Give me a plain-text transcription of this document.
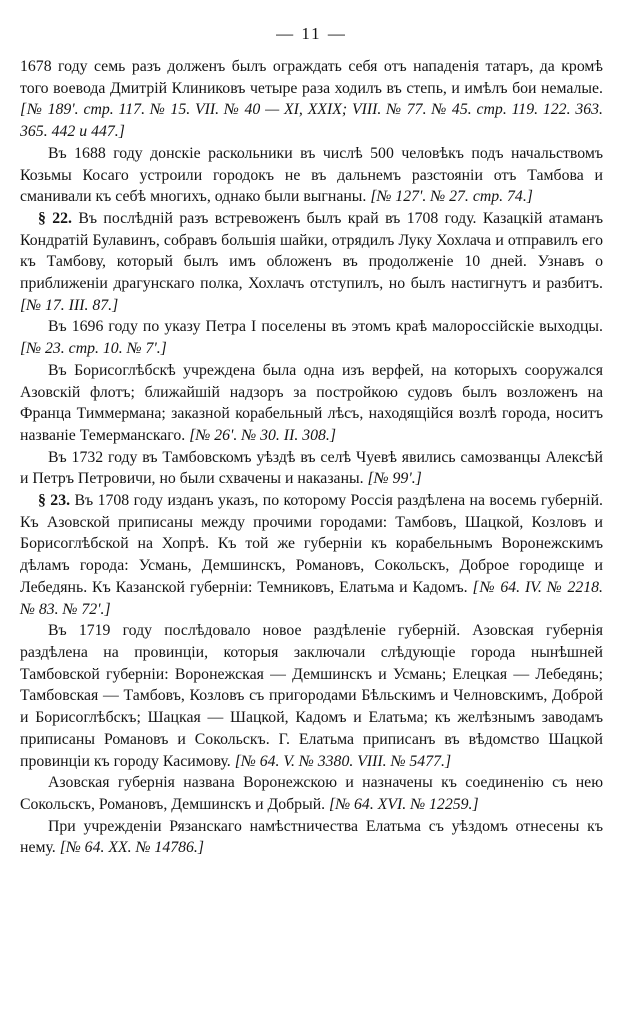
— 11 —

1678 году семь разъ долженъ былъ ограждать себя отъ нападенія татаръ, да кромѣ того воевода Дмитрій Клиниковъ четыре раза ходилъ въ степь, и имѣлъ бои немалые. [№ 189'. стр. 117. № 15. VII. № 40 — XI, XXIX; VIII. № 77. № 45. стр. 119. 122. 363. 365. 442 и 447.]

Въ 1688 году донскіе раскольники въ числѣ 500 человѣкъ подъ начальствомъ Козьмы Косаго устроили городокъ не въ дальнемъ разстояніи отъ Тамбова и сманивали къ себѣ многихъ, однако были выгнаны. [№ 127'. № 27. стр. 74.]

§ 22. Въ послѣдній разъ встревоженъ былъ край въ 1708 году. Казацкій атаманъ Кондратій Булавинъ, собравъ большія шайки, отрядилъ Луку Хохлача и отправилъ его къ Тамбову, который былъ имъ обложенъ въ продолженіе 10 дней. Узнавъ о приближеніи драгунскаго полка, Хохлачъ отступилъ, но былъ настигнутъ и разбитъ. [№ 17. III. 87.]

Въ 1696 году по указу Петра I поселены въ этомъ краѣ малороссійскіе выходцы. [№ 23. стр. 10. № 7'.]

Въ Борисоглѣбскѣ учреждена была одна изъ верфей, на которыхъ сооружался Азовскій флотъ; ближайшій надзоръ за постройкою судовъ былъ возложенъ на Франца Тиммермана; заказной корабельный лѣсъ, находящійся возлѣ города, носитъ названіе Темерманскаго. [№ 26'. № 30. II. 308.]

Въ 1732 году въ Тамбовскомъ уѣздѣ въ селѣ Чуевѣ явились самозванцы Алексѣй и Петръ Петровичи, но были схвачены и наказаны. [№ 99'.]

§ 23. Въ 1708 году изданъ указъ, по которому Россія раздѣлена на восемь губерній. Къ Азовской приписаны между прочими городами: Тамбовъ, Шацкой, Козловъ и Борисоглѣбской на Хопрѣ. Къ той же губерніи къ корабельнымъ Воронежскимъ дѣламъ города: Усмань, Демшинскъ, Романовъ, Сокольскъ, Доброе городище и Лебедянь. Къ Казанской губерніи: Темниковъ, Елатьма и Кадомъ. [№ 64. IV. № 2218. № 83. № 72'.]

Въ 1719 году послѣдовало новое раздѣленіе губерній. Азовская губернія раздѣлена на провинціи, которыя заключали слѣдующіе города нынѣшней Тамбовской губерніи: Воронежская — Демшинскъ и Усмань; Елецкая — Лебедянь; Тамбовская — Тамбовъ, Козловъ съ пригородами Бѣльскимъ и Челновскимъ, Доброй и Борисоглѣбскъ; Шацкая — Шацкой, Кадомъ и Елатьма; къ желѣзнымъ заводамъ приписаны Романовъ и Сокольскъ. Г. Елатьма приписанъ въ вѣдомство Шацкой провинціи къ городу Касимову. [№ 64. V. № 3380. VIII. № 5477.]

Азовская губернія названа Воронежскою и назначены къ соединенію съ нею Сокольскъ, Романовъ, Демшинскъ и Добрый. [№ 64. XVI. № 12259.]

При учрежденіи Рязанскаго намѣстничества Елатьма съ уѣздомъ отнесены къ нему. [№ 64. XX. № 14786.]
